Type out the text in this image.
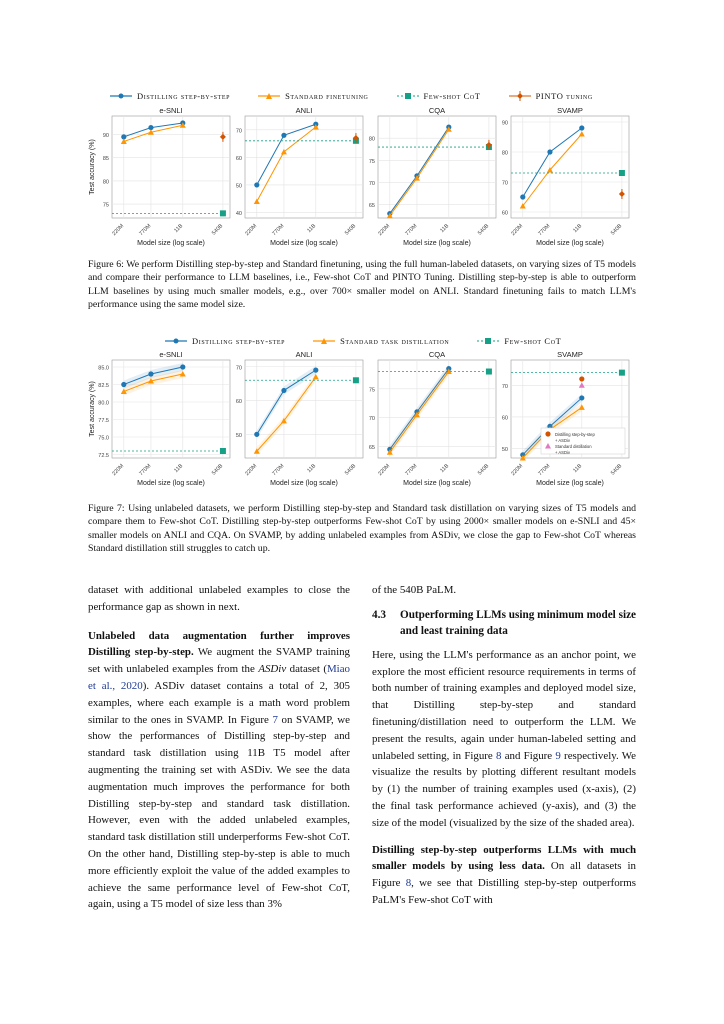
Distilling step-by-step	Standard finetuning	Few-shot CoT	PINTO tuning
e-SNLI
90
85
80
75
220M 770M	11B	540B
Test accuracy (%)
Model size (log scale)
ANLI
70
60
50
40
220M 770M	11B	540B
Model size (log scale)
CQA
80
75
70
65
220M 770M	11B	540B
Model size (log scale)
SVAMP
90
80
70
60
220M 770M	11B	540B
Model size (log scale)
Figure 6: We perform Distilling step-by-step and Standard finetuning, using the full human-labeled datasets, on varying sizes of T5 models and compare their performance to LLM baselines, i.e., Few-shot CoT and PINTO Tuning. Distilling step-by-step is able to outperform LLM baselines by using much smaller models, e.g., over 700× smaller model on ANLI. Standard finetuning fails to match LLM's performance using the same model size.
Distilling step-by-step	Standard task distillation	Few-shot CoT
e-SNLI
85.0
82.5
80.0
77.5
75.0
72.5
220M 770M	11B	540B
Test accuracy (%)
Model size (log scale)
ANLI
70
60
50
220M 770M	11B	540B
Model size (log scale)
CQA
75
70
65
220M 770M	11B	540B
Model size (log scale)
SVAMP
70
60
50
220M 770M	11B	540B
Model size (log scale)
Distilling step-by-step
+ ASDiv
Standard distillation
+ ASDiv
Figure 7: Using unlabeled datasets, we perform Distilling step-by-step and Standard task distillation on varying sizes of T5 models and compare them to Few-shot CoT. Distilling step-by-step outperforms Few-shot CoT by using 2000× smaller models on e-SNLI and 45× smaller models on ANLI and CQA. On SVAMP, by adding unlabeled examples from ASDiv, we close the gap to Few-shot CoT whereas Standard distillation still struggles to catch up.

dataset with additional unlabeled examples to close the performance gap as shown in next.

Unlabeled data augmentation further improves Distilling step-by-step. We augment the SVAMP training set with unlabeled examples from the ASDiv dataset (Miao et al., 2020). ASDiv dataset contains a total of 2, 305 examples, where each example is a math word problem similar to the ones in SVAMP. In Figure 7 on SVAMP, we show the performances of Distilling step-by-step and standard task distillation using 11B T5 model after augmenting the training set with ASDiv. We see the data augmentation much improves the performance for both Distilling step-by-step and standard task distillation. However, even with the added unlabeled examples, standard task distillation still underperforms Few-shot CoT. On the other hand, Distilling step-by-step is able to much more efficiently exploit the value of the added examples to achieve the same performance level of Few-shot CoT, again, using a T5 model of size less than 3%

of the 540B PaLM.

4.3	Outperforming LLMs using minimum model size and least training data

Here, using the LLM's performance as an anchor point, we explore the most efficient resource requirements in terms of both number of training examples and deployed model size, that Distilling step-by-step and standard finetuning/distillation need to outperform the LLM. We present the results, again under human-labeled setting and unlabeled setting, in Figure 8 and Figure 9 respectively. We visualize the results by plotting different resultant models by (1) the number of training examples used (x-axis), (2) the final task performance achieved (y-axis), and (3) the size of the model (visualized by the size of the shaded area).

Distilling step-by-step outperforms LLMs with much smaller models by using less data. On all datasets in Figure 8, we see that Distilling step-by-step outperforms PaLM's Few-shot CoT with
